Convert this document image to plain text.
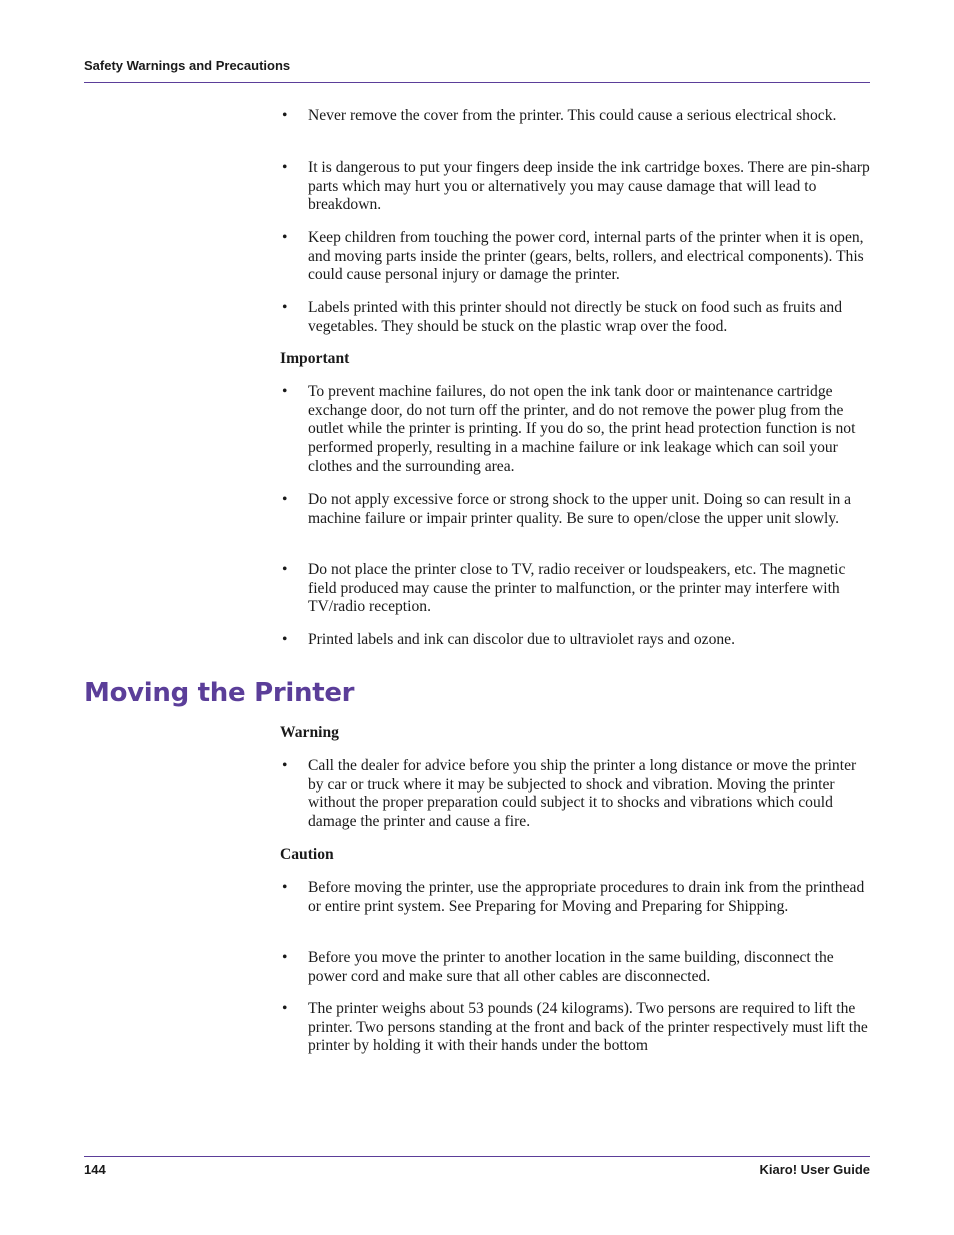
Safety Warnings and Precautions
• Never remove the cover from the printer. This could cause a serious electrical shock.
• It is dangerous to put your fingers deep inside the ink cartridge boxes. There are pin-sharp parts which may hurt you or alternatively you may cause damage that will lead to breakdown.
• Keep children from touching the power cord, internal parts of the printer when it is open, and moving parts inside the printer (gears, belts, rollers, and electrical components). This could cause personal injury or damage the printer.
• Labels printed with this printer should not directly be stuck on food such as fruits and vegetables. They should be stuck on the plastic wrap over the food.
Important
• To prevent machine failures, do not open the ink tank door or maintenance cartridge exchange door, do not turn off the printer, and do not remove the power plug from the outlet while the printer is printing. If you do so, the print head protection function is not performed properly, resulting in a machine failure or ink leakage which can soil your clothes and the surrounding area.
• Do not apply excessive force or strong shock to the upper unit. Doing so can result in a machine failure or impair printer quality. Be sure to open/close the upper unit slowly.
• Do not place the printer close to TV, radio receiver or loudspeakers, etc. The magnetic field produced may cause the printer to malfunction, or the printer may interfere with TV/radio reception.
• Printed labels and ink can discolor due to ultraviolet rays and ozone.
Moving the Printer
Warning
• Call the dealer for advice before you ship the printer a long distance or move the printer by car or truck where it may be subjected to shock and vibration. Moving the printer without the proper preparation could subject it to shocks and vibrations which could damage the printer and cause a fire.
Caution
• Before moving the printer, use the appropriate procedures to drain ink from the printhead or entire print system. See Preparing for Moving and Preparing for Shipping.
• Before you move the printer to another location in the same building, disconnect the power cord and make sure that all other cables are disconnected.
• The printer weighs about 53 pounds (24 kilograms). Two persons are required to lift the printer. Two persons standing at the front and back of the printer respectively must lift the printer by holding it with their hands under the bottom
144	Kiaro! User Guide
